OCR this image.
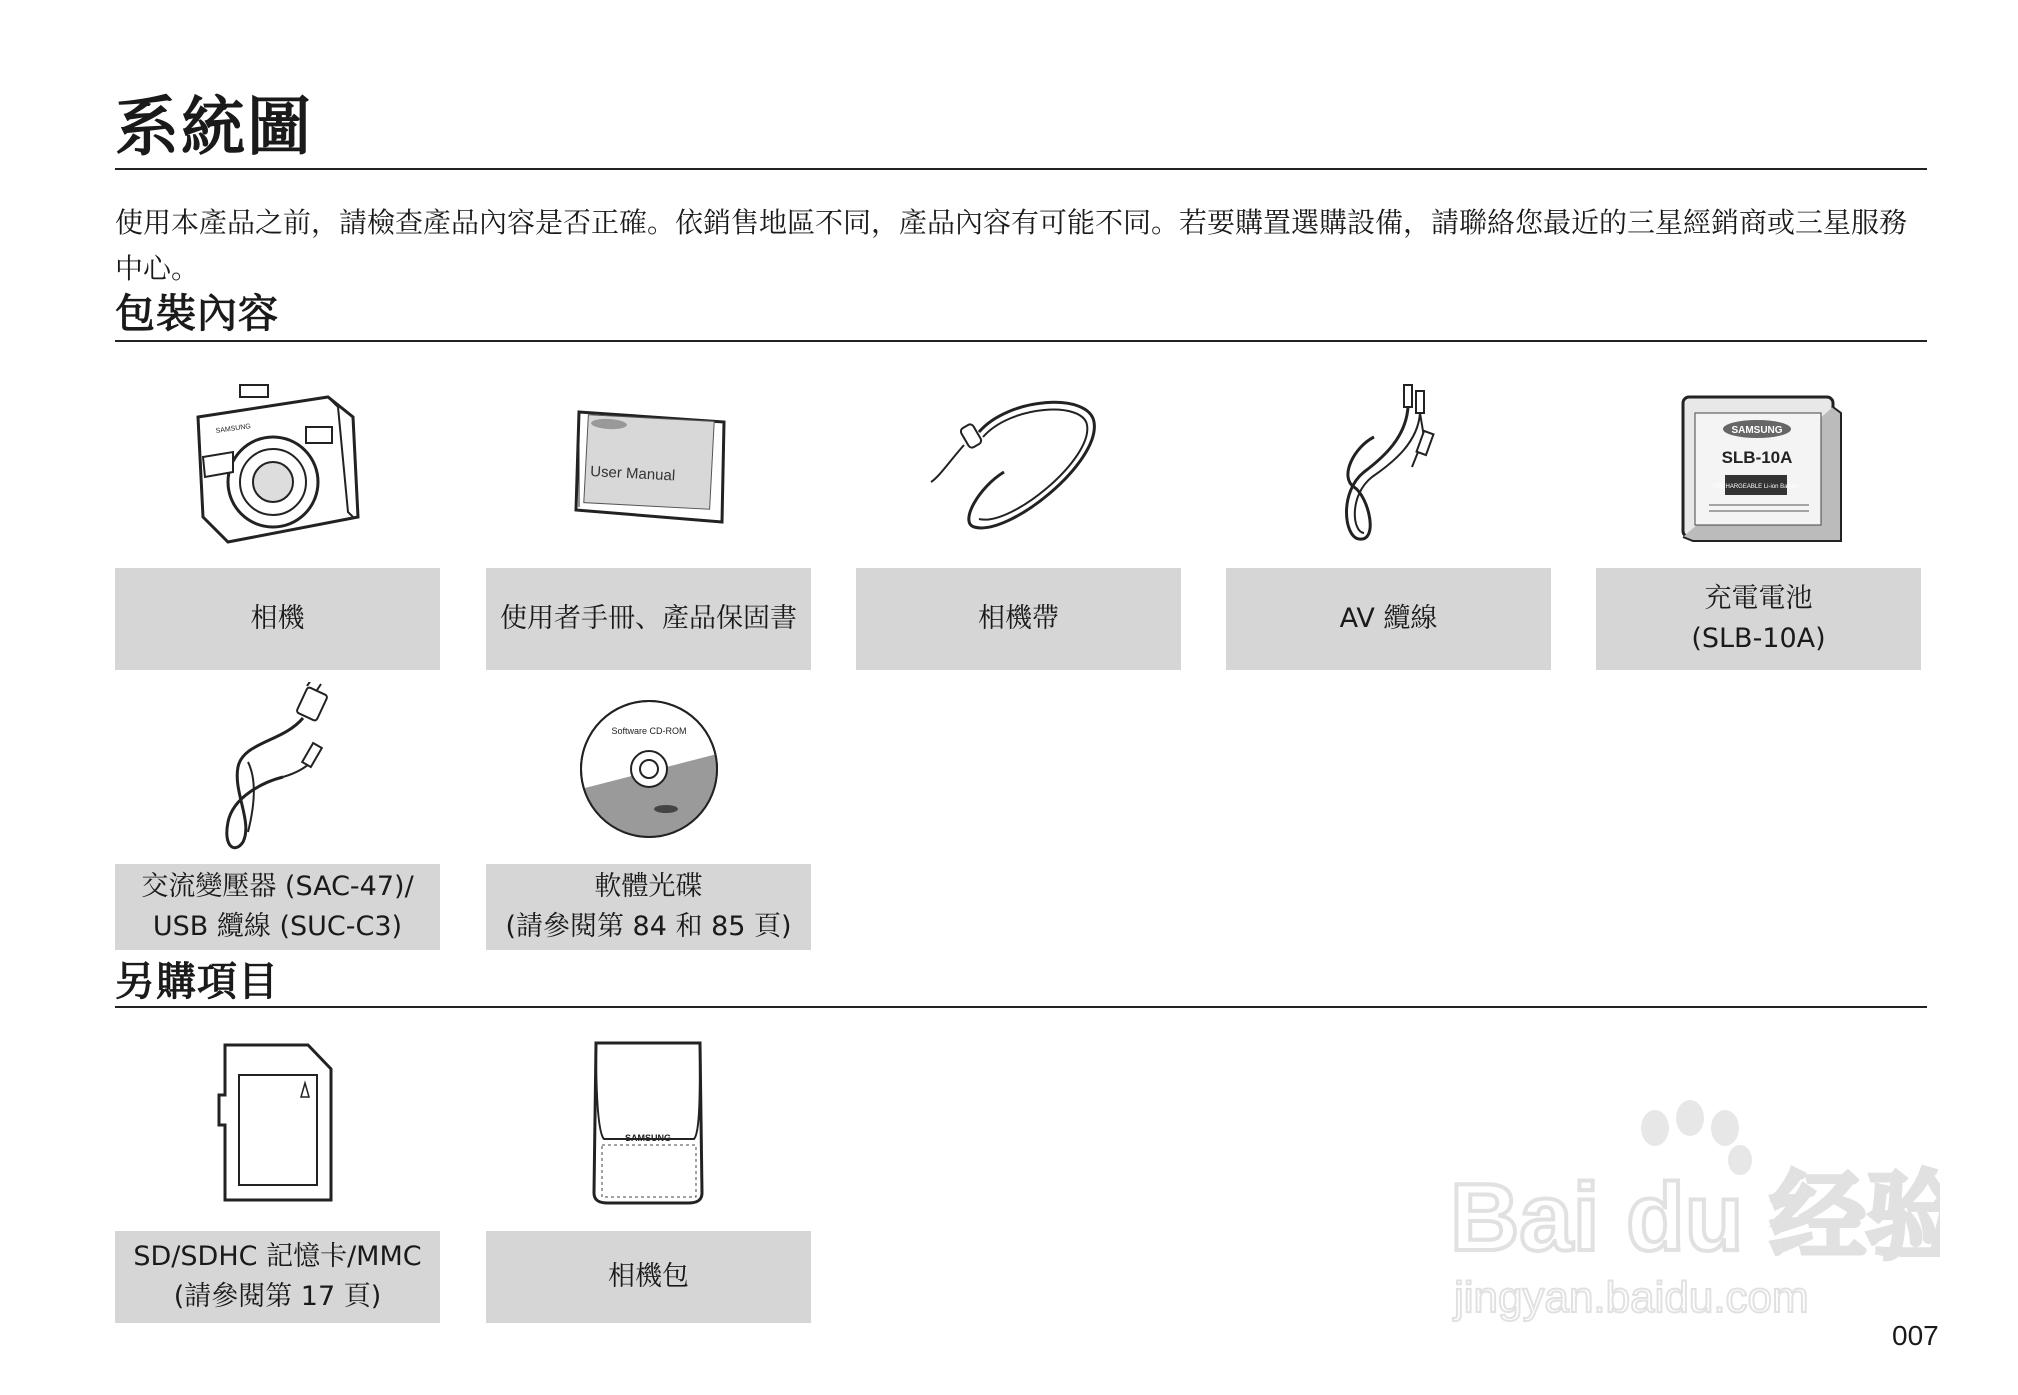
系統圖
使用本產品之前，請檢查產品內容是否正確。依銷售地區不同，產品內容有可能不同。若要購置選購設備，請聯絡您最近的三星經銷商或三星服務中心。
包裝內容
SAMSUNG
相機
User Manual
使用者手冊、產品保固書	相機帶	AV 纜線
SAMSUNG
SLB-10A
RECHARGEABLE Li-ion Battery
充電電池
(SLB-10A)
交流變壓器 (SAC-47)/
USB 纜線 (SUC-C3)
Software CD-ROM
軟體光碟
(請參閱第 84 和 85 頁)
另購項目
SD/SDHC 記憶卡/MMC
(請參閱第 17 頁)
SAMSUNG
相機包
Bai du 经验
jingyan.baidu.com
007
